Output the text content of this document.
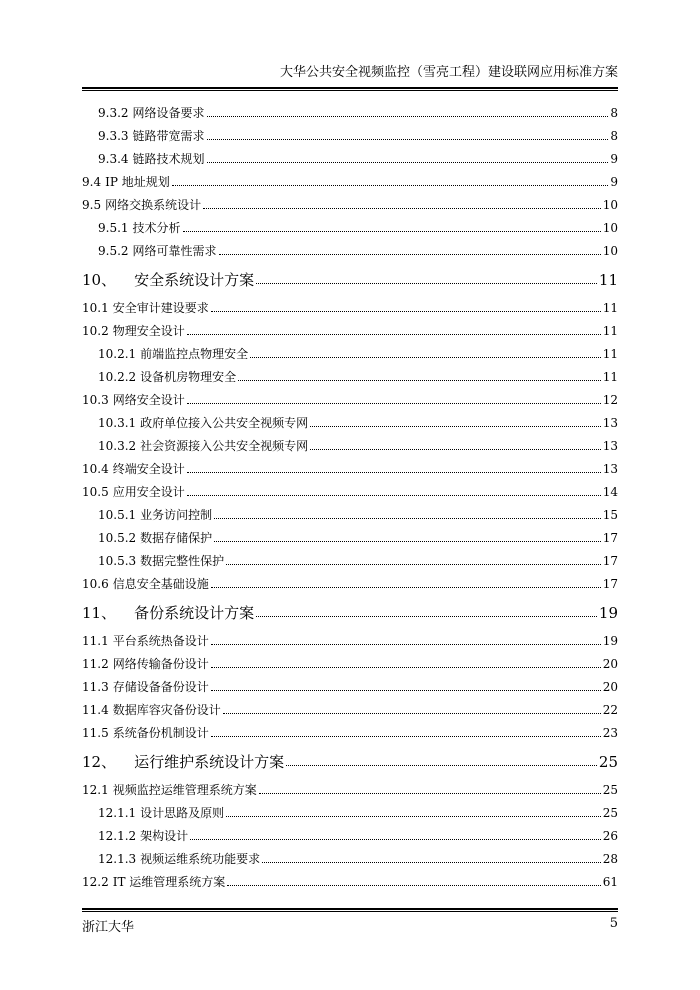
大华公共安全视频监控（雪亮工程）建设联网应用标准方案
9.3.2 网络设备要求	8
9.3.3 链路带宽需求	8
9.3.4 链路技术规划	9
9.4 IP 地址规划	9
9.5 网络交换系统设计	10
9.5.1 技术分析	10
9.5.2 网络可靠性需求	10
10、 安全系统设计方案	11
10.1 安全审计建设要求	11
10.2 物理安全设计	11
10.2.1 前端监控点物理安全	11
10.2.2 设备机房物理安全	11
10.3 网络安全设计	12
10.3.1 政府单位接入公共安全视频专网	13
10.3.2 社会资源接入公共安全视频专网	13
10.4 终端安全设计	13
10.5 应用安全设计	14
10.5.1 业务访问控制	15
10.5.2 数据存储保护	17
10.5.3 数据完整性保护	17
10.6 信息安全基础设施	17
11、 备份系统设计方案	19
11.1 平台系统热备设计	19
11.2 网络传输备份设计	20
11.3 存储设备备份设计	20
11.4 数据库容灾备份设计	22
11.5 系统备份机制设计	23
12、 运行维护系统设计方案	25
12.1 视频监控运维管理系统方案	25
12.1.1 设计思路及原则	25
12.1.2 架构设计	26
12.1.3 视频运维系统功能要求	28
12.2 IT 运维管理系统方案	61
浙江大华	5
